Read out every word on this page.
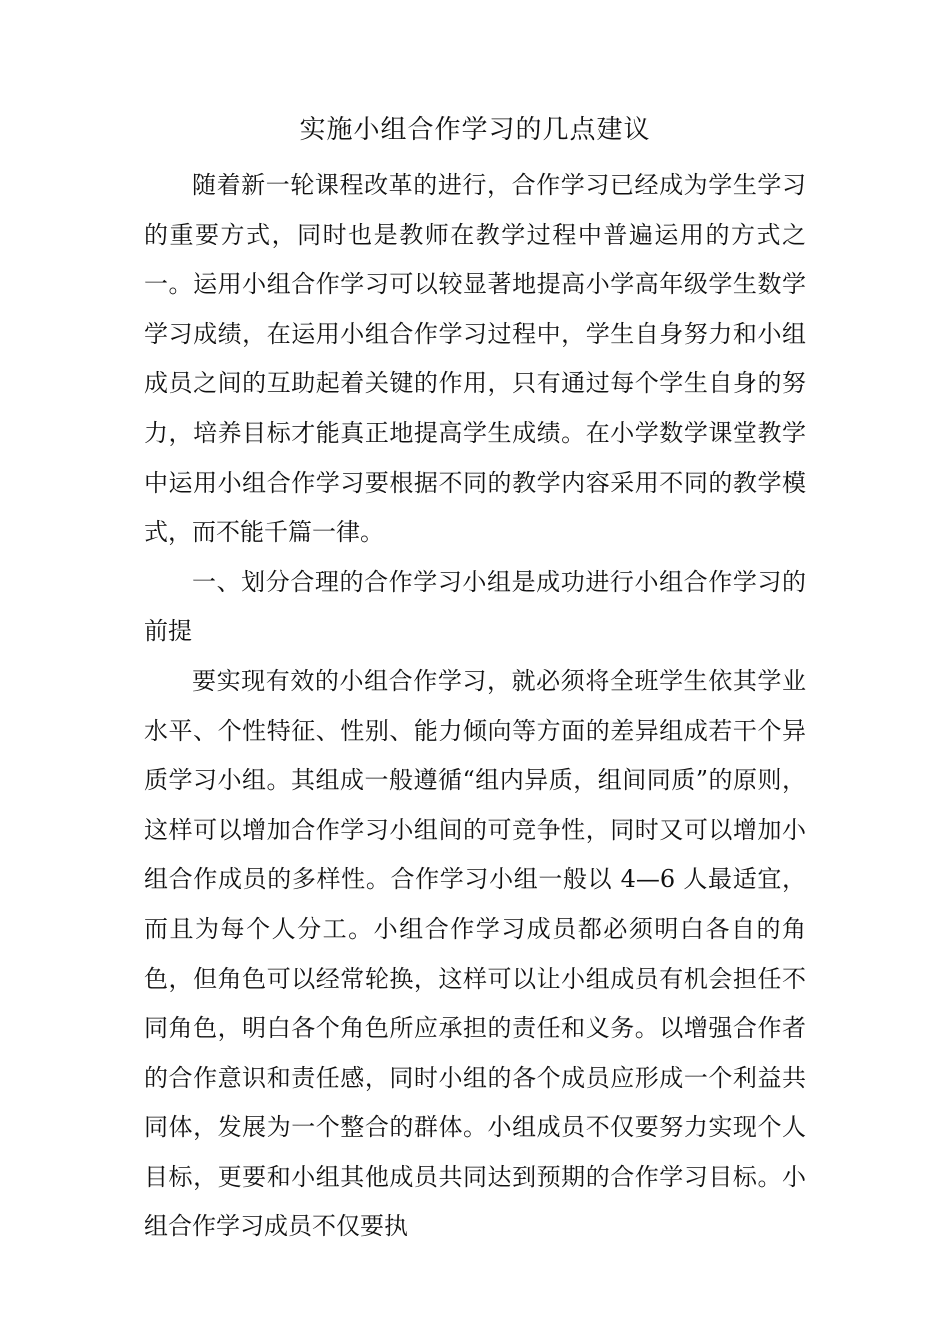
实施小组合作学习的几点建议

随着新一轮课程改革的进行，合作学习已经成为学生学习的重要方式，同时也是教师在教学过程中普遍运用的方式之一。运用小组合作学习可以较显著地提高小学高年级学生数学学习成绩，在运用小组合作学习过程中，学生自身努力和小组成员之间的互助起着关键的作用，只有通过每个学生自身的努力，培养目标才能真正地提高学生成绩。在小学数学课堂教学中运用小组合作学习要根据不同的教学内容采用不同的教学模式，而不能千篇一律。

一、划分合理的合作学习小组是成功进行小组合作学习的前提

要实现有效的小组合作学习，就必须将全班学生依其学业水平、个性特征、性别、能力倾向等方面的差异组成若干个异质学习小组。其组成一般遵循“组内异质，组间同质”的原则，这样可以增加合作学习小组间的可竞争性，同时又可以增加小组合作成员的多样性。合作学习小组一般以 4—6 人最适宜，而且为每个人分工。小组合作学习成员都必须明白各自的角色，但角色可以经常轮换，这样可以让小组成员有机会担任不同角色，明白各个角色所应承担的责任和义务。以增强合作者的合作意识和责任感，同时小组的各个成员应形成一个利益共同体，发展为一个整合的群体。小组成员不仅要努力实现个人目标，更要和小组其他成员共同达到预期的合作学习目标。小组合作学习成员不仅要执
